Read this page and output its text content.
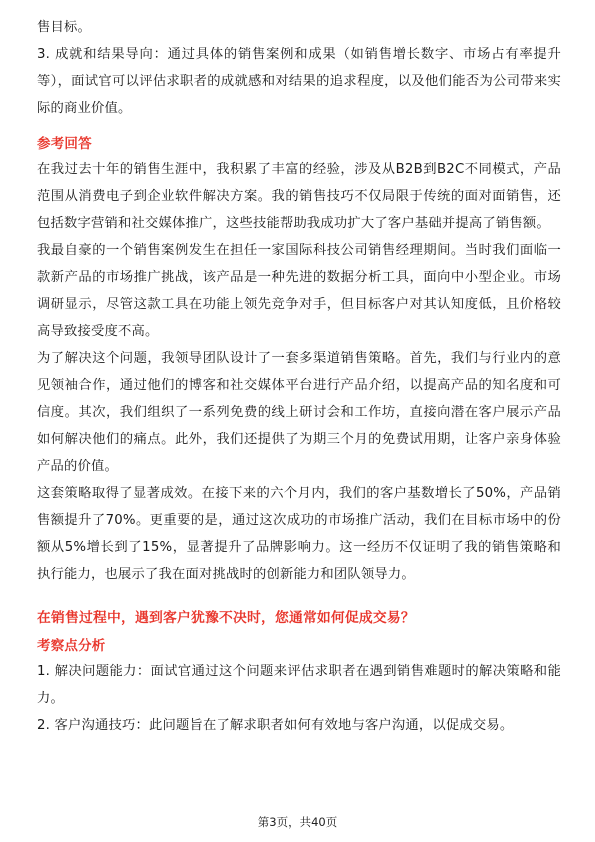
售目标。

3. 成就和结果导向：通过具体的销售案例和成果（如销售增长数字、市场占有率提升等），面试官可以评估求职者的成就感和对结果的追求程度，以及他们能否为公司带来实际的商业价值。

参考回答

在我过去十年的销售生涯中，我积累了丰富的经验，涉及从B2B到B2C不同模式，产品范围从消费电子到企业软件解决方案。我的销售技巧不仅局限于传统的面对面销售，还包括数字营销和社交媒体推广，这些技能帮助我成功扩大了客户基础并提高了销售额。

我最自豪的一个销售案例发生在担任一家国际科技公司销售经理期间。当时我们面临一款新产品的市场推广挑战，该产品是一种先进的数据分析工具，面向中小型企业。市场调研显示，尽管这款工具在功能上领先竞争对手，但目标客户对其认知度低，且价格较高导致接受度不高。

为了解决这个问题，我领导团队设计了一套多渠道销售策略。首先，我们与行业内的意见领袖合作，通过他们的博客和社交媒体平台进行产品介绍，以提高产品的知名度和可信度。其次，我们组织了一系列免费的线上研讨会和工作坊，直接向潜在客户展示产品如何解决他们的痛点。此外，我们还提供了为期三个月的免费试用期，让客户亲身体验产品的价值。

这套策略取得了显著成效。在接下来的六个月内，我们的客户基数增长了50%，产品销售额提升了70%。更重要的是，通过这次成功的市场推广活动，我们在目标市场中的份额从5%增长到了15%，显著提升了品牌影响力。这一经历不仅证明了我的销售策略和执行能力，也展示了我在面对挑战时的创新能力和团队领导力。

在销售过程中，遇到客户犹豫不决时，您通常如何促成交易？

考察点分析

1. 解决问题能力：面试官通过这个问题来评估求职者在遇到销售难题时的解决策略和能力。

2. 客户沟通技巧：此问题旨在了解求职者如何有效地与客户沟通，以促成交易。

第3页，共40页
